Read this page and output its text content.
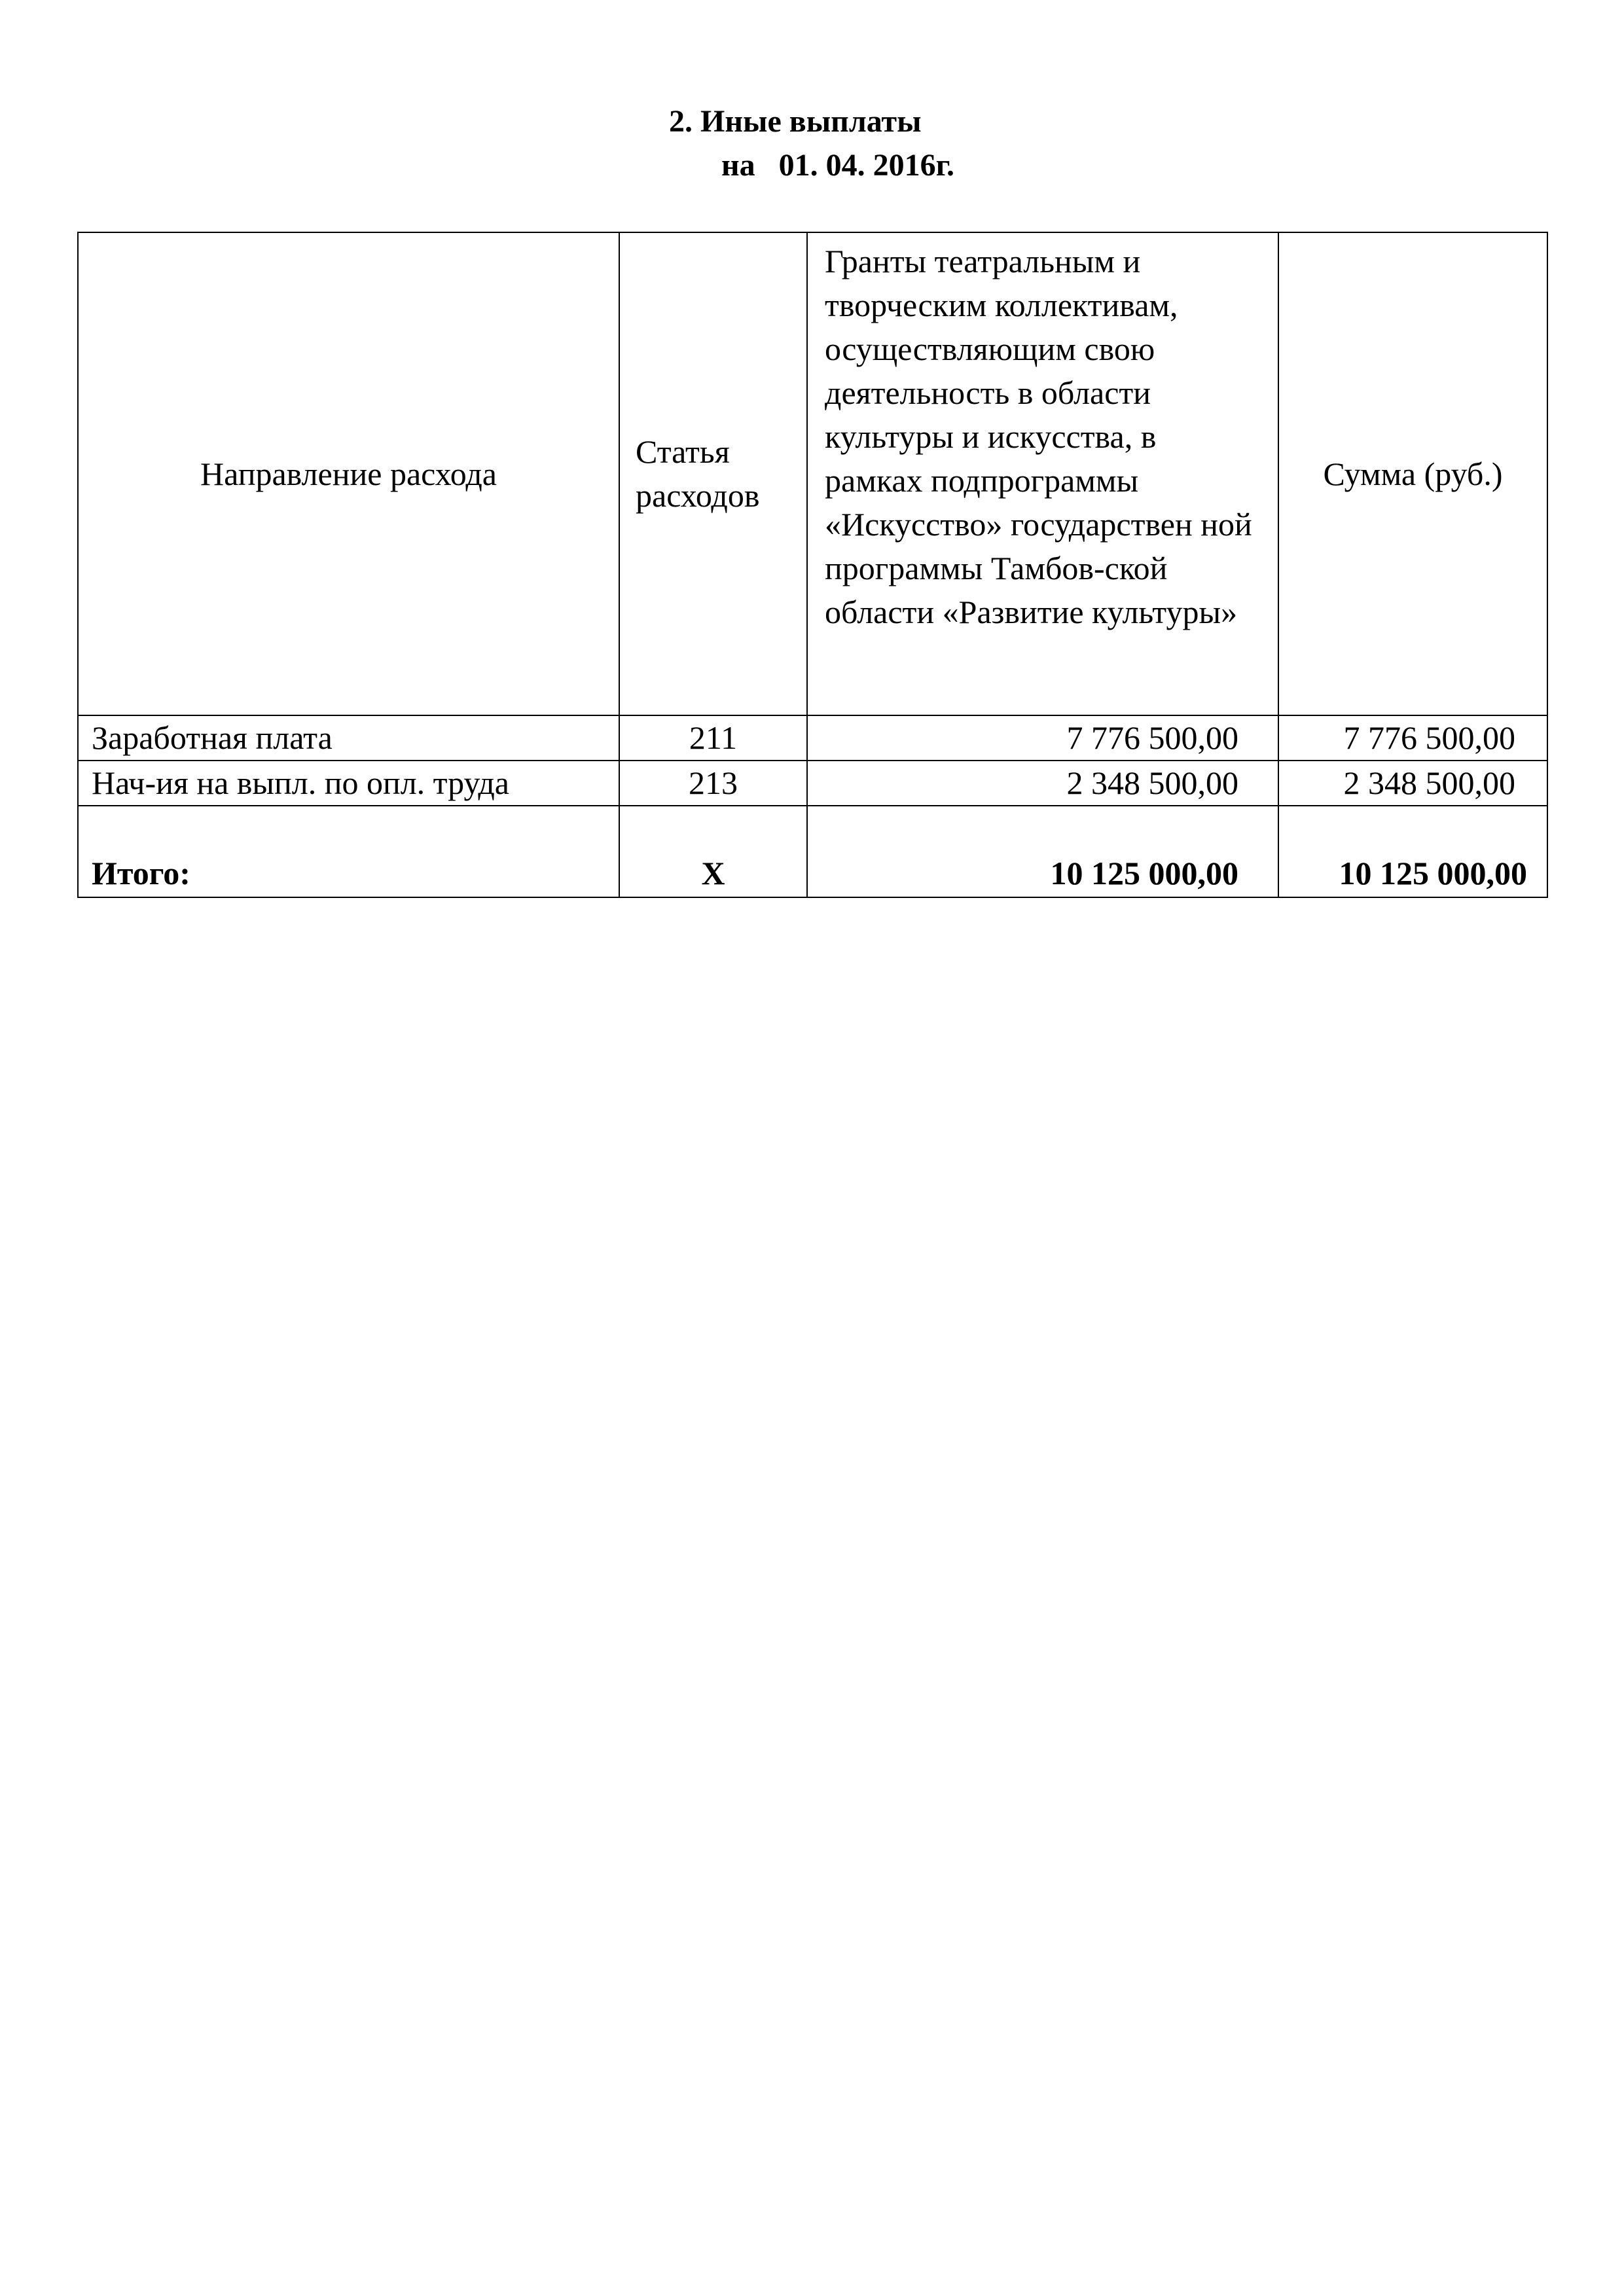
2. Иные выплаты
на   01. 04. 2016г.
Направление расхода	Статья расходов	Гранты театральным и творческим коллективам, осуществляющим свою деятельность в области культуры и искусства, в рамках подпрограммы «Искусство» государствен ной программы Тамбов-ской области «Развитие культуры»	Сумма (руб.)
Заработная плата	211	7 776 500,00	7 776 500,00
Нач-ия на выпл. по опл. труда	213	2 348 500,00	2 348 500,00
Итого:	Х	10 125 000,00	10 125 000,00
